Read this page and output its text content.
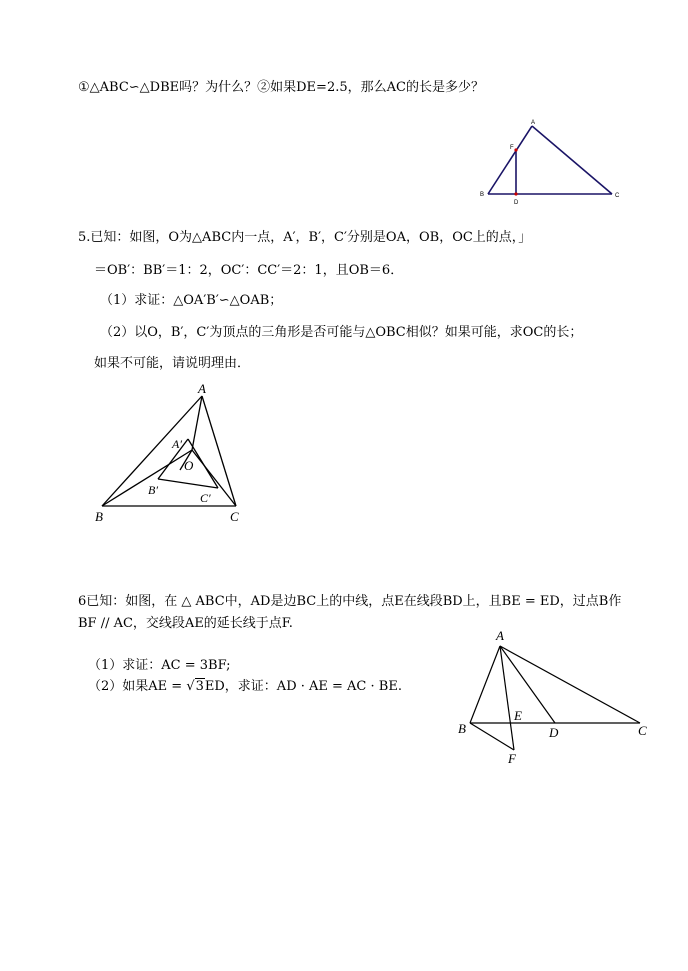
①△ABC∽△DBE吗？为什么？②如果DE=2.5，那么AC的长是多少？
A
F
B
D
C
5.已知：如图，O为△ABC内一点，A′，B′，C′分别是OA，OB，OC上的点，」
＝OB′：BB′＝1：2，OC′：CC′＝2：1，且OB＝6．
（1）求证：△OA′B′∽△OAB；
（2）以O，B′，C′为顶点的三角形是否可能与△OBC相似？如果可能，求OC的长；
如果不可能，请说明理由．
A
A′
O
B′
C′
B	C
6已知：如图，在 △ ABC中，AD是边BC上的中线，点E在线段BD上，且BE = ED，过点B作
BF // AC，交线段AE的延长线于点F.
（1）求证：AC = 3BF;
（2）如果AE = √3ED，求证：AD · AE = AC · BE.
A
B
E
D	C
F
